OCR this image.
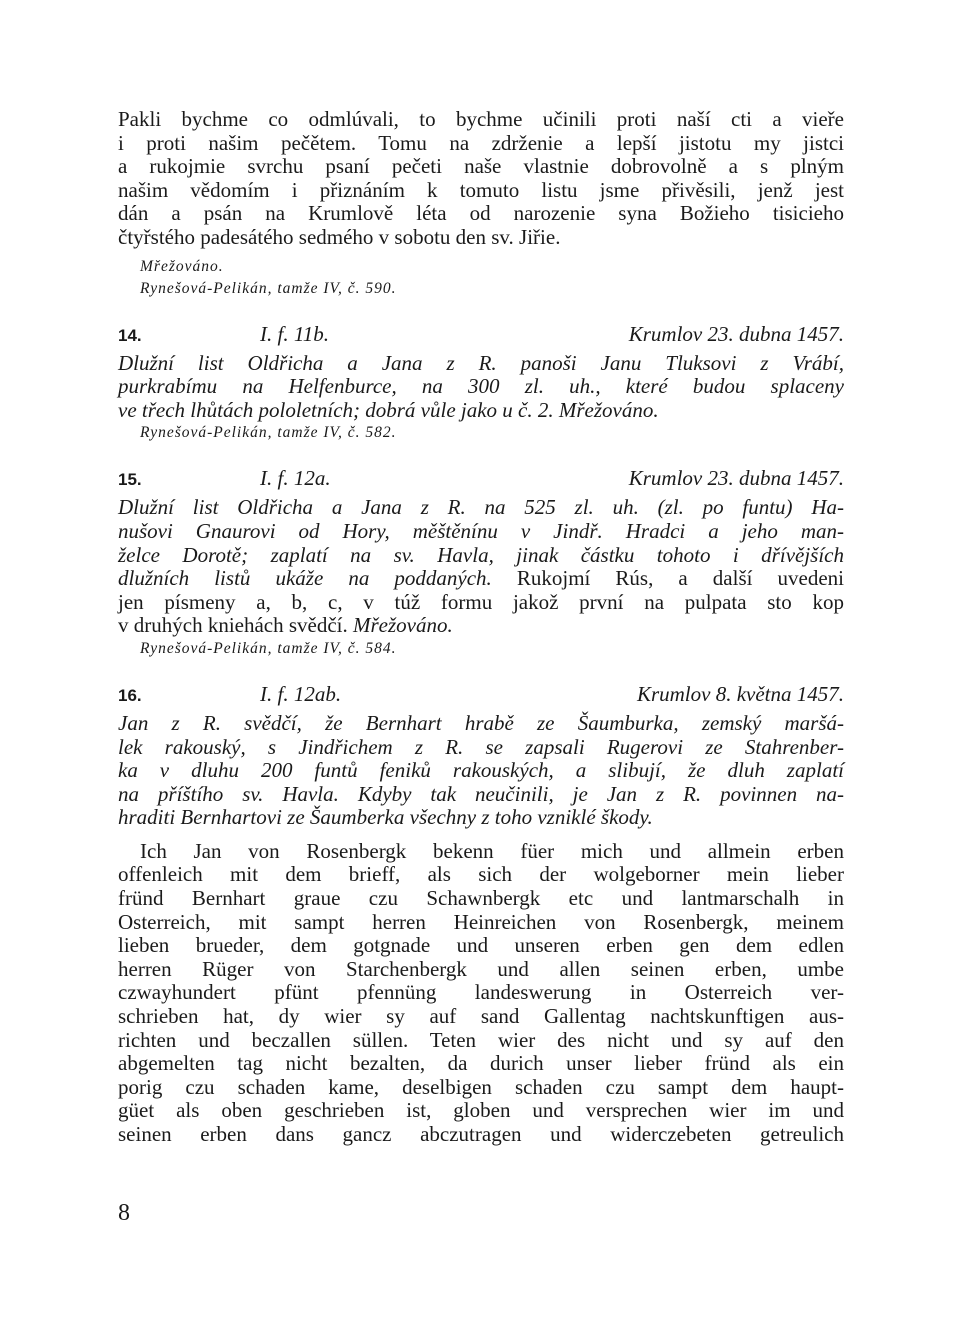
Pakli bychme co odmlúvali, to bychme učinili proti naší cti a vieře
i proti našim pečětem. Tomu na zdrženie a lepší jistotu my jistci
a rukojmie svrchu psaní pečeti naše vlastnie dobrovolně a s plným
našim vědomím i přiznáním k tomuto listu jsme přivěsili, jenž jest
dán a psán na Krumlově léta od narozenie syna Božieho tisicieho
čtyřstého padesátého sedmého v sobotu den sv. Jiřie.
Mřežováno.
Rynešová-Pelikán, tamže IV, č. 590.
14.	I. f. 11b.	Krumlov 23. dubna 1457.
Dlužní list Oldřicha a Jana z R. panoši Janu Tluksovi z Vrábí,
purkrabímu na Helfenburce, na 300 zl. uh., které budou splaceny
ve třech lhůtách pololetních; dobrá vůle jako u č. 2. Mřežováno.
Rynešová-Pelikán, tamže IV, č. 582.
15.	I. f. 12a.	Krumlov 23. dubna 1457.
Dlužní list Oldřicha a Jana z R. na 525 zl. uh. (zl. po funtu) Ha-
nušovi Gnaurovi od Hory, měštěnínu v Jindř. Hradci a jeho man-
želce Dorotě; zaplatí na sv. Havla, jinak částku tohoto i dřívějších
dlužních listů ukáže na poddaných. Rukojmí Rús, a další uvedeni
jen písmeny a, b, c, v túž formu jakož první na pulpata sto kop
v druhých kniehách svědčí. Mřežováno.
Rynešová-Pelikán, tamže IV, č. 584.
16.	I. f. 12ab.	Krumlov 8. května 1457.
Jan z R. svědčí, že Bernhart hrabě ze Šaumburka, zemský maršá-
lek rakouský, s Jindřichem z R. se zapsali Rugerovi ze Stahrenber-
ka v dluhu 200 funtů feniků rakouských, a slibují, že dluh zaplatí
na příštího sv. Havla. Kdyby tak neučinili, je Jan z R. povinnen na-
hraditi Bernhartovi ze Šaumberka všechny z toho vzniklé škody.
Ich Jan von Rosenbergk bekenn füer mich und allmein erben
offenleich mit dem brieff, als sich der wolgeborner mein lieber
fründ Bernhart graue czu Schawnbergk etc und lantmarschalh in
Osterreich, mit sampt herren Heinreichen von Rosenbergk, meinem
lieben brueder, dem gotgnade und unseren erben gen dem edlen
herren Rüger von Starchenbergk und allen seinen erben, umbe
czwayhundert pfünt pfennüng landeswerung in Osterreich ver-
schrieben hat, dy wier sy auf sand Gallentag nachtskunftigen aus-
richten und beczallen süllen. Teten wier des nicht und sy auf den
abgemelten tag nicht bezalten, da durich unser lieber fründ als ein
porig czu schaden kame, deselbigen schaden czu sampt dem haupt-
güet als oben geschrieben ist, globen und versprechen wier im und
seinen erben dans gancz abczutragen und widerczebeten getreulich
8
